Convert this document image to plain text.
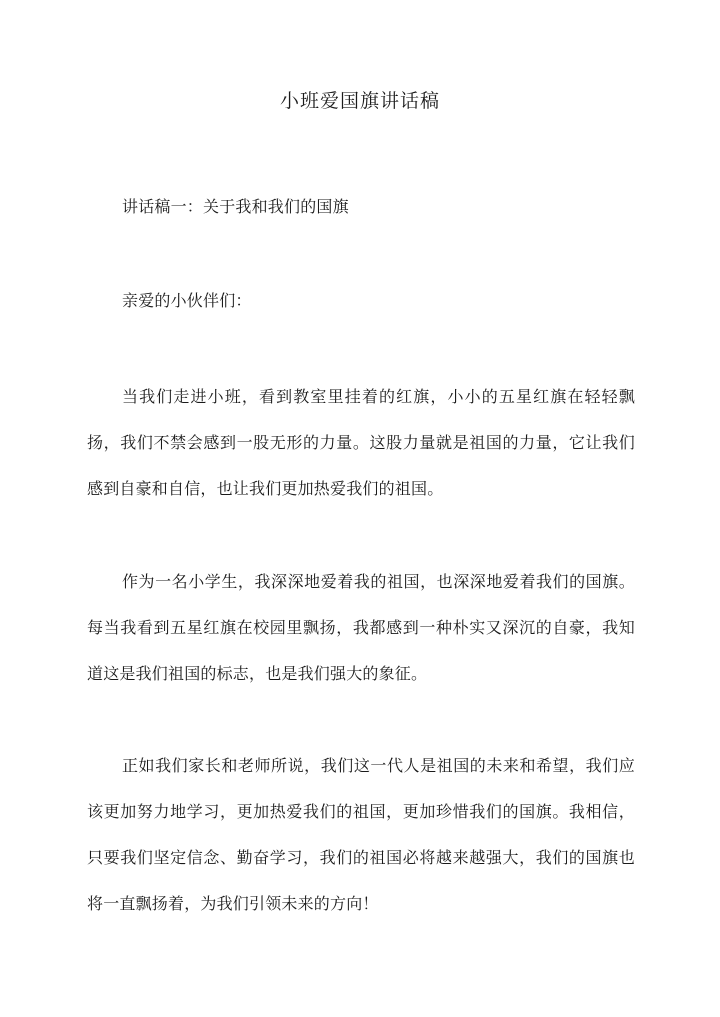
小班爱国旗讲话稿

讲话稿一：关于我和我们的国旗

亲爱的小伙伴们：

当我们走进小班，看到教室里挂着的红旗，小小的五星红旗在轻轻飘扬，我们不禁会感到一股无形的力量。这股力量就是祖国的力量，它让我们感到自豪和自信，也让我们更加热爱我们的祖国。

作为一名小学生，我深深地爱着我的祖国，也深深地爱着我们的国旗。每当我看到五星红旗在校园里飘扬，我都感到一种朴实又深沉的自豪，我知道这是我们祖国的标志，也是我们强大的象征。

正如我们家长和老师所说，我们这一代人是祖国的未来和希望，我们应该更加努力地学习，更加热爱我们的祖国，更加珍惜我们的国旗。我相信，只要我们坚定信念、勤奋学习，我们的祖国必将越来越强大，我们的国旗也将一直飘扬着，为我们引领未来的方向！
